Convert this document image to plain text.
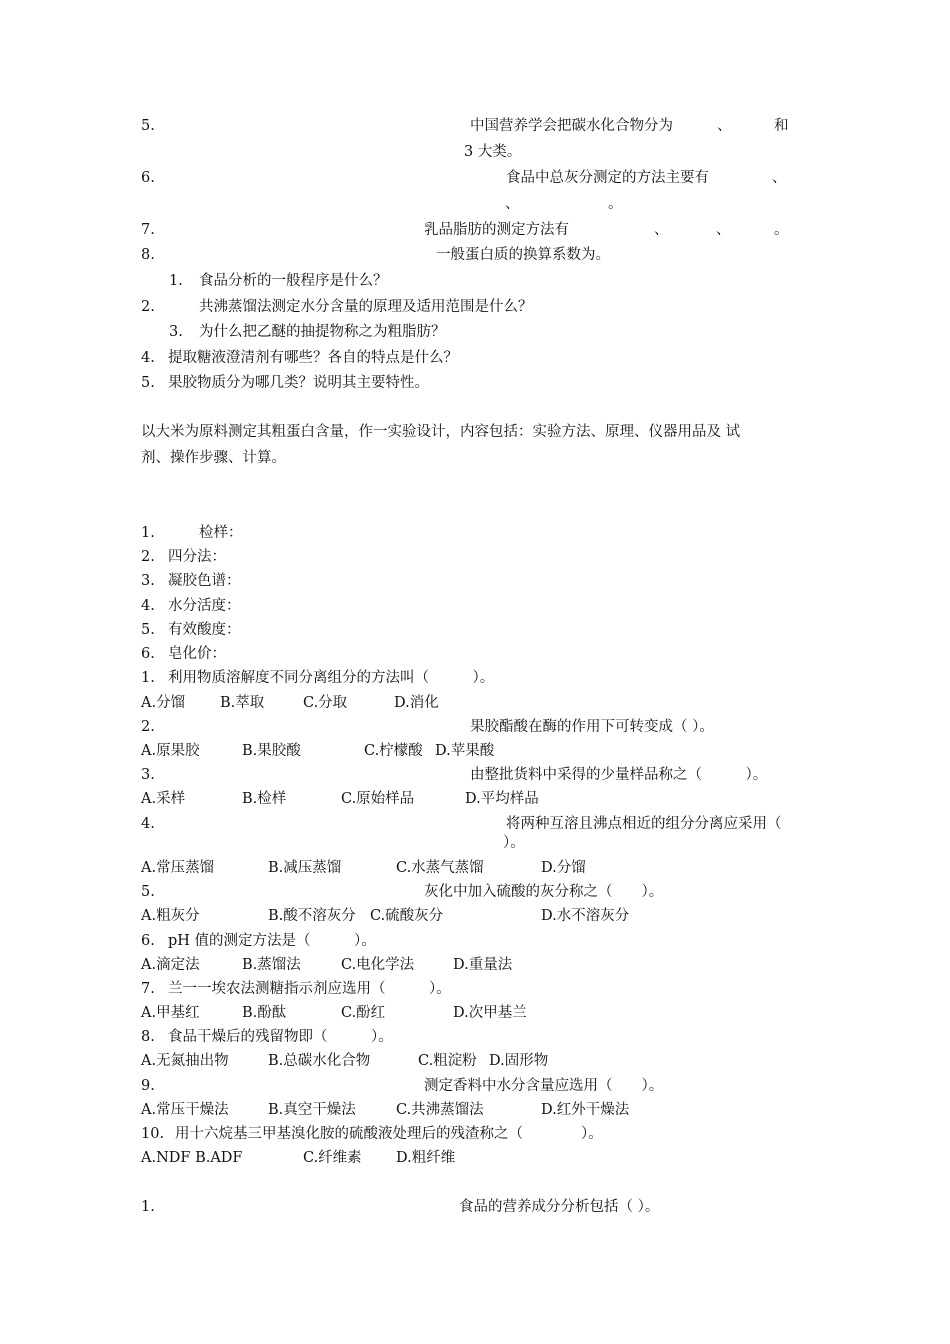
5.	中国营养学会把碳水化合物分为	、	和
3 大类。
6.	食品中总灰分测定的方法主要有	、
、	。
7.	乳品脂肪的测定方法有	、	、	。
8.	一般蛋白质的换算系数为。
1. 食品分析的一般程序是什么？
2.	共沸蒸馏法测定水分含量的原理及适用范围是什么？
3. 为什么把乙醚的抽提物称之为粗脂肪？
4. 提取糖液澄清剂有哪些？各自的特点是什么？
5. 果胶物质分为哪几类？说明其主要特性。
以大米为原料测定其粗蛋白含量，作一实验设计，内容包括：实验方法、原理、仪器用品及 试
剂、操作步骤、计算。
1.	检样：
2. 四分法：
3. 凝胶色谱：
4. 水分活度：
5. 有效酸度：
6. 皂化价：
1. 利用物质溶解度不同分离组分的方法叫（　　　）。
A.分馏 B.萃取	C.分取	D.消化
2.	果胶酯酸在酶的作用下可转变成（ ）。
A.原果胶	B.果胶酸	C.柠檬酸 D.苹果酸
3.	由整批货料中采得的少量样品称之（　　　）。
A.采样	B.检样	C.原始样品	D.平均样品
4.	将两种互溶且沸点相近的组分分离应采用（
）。
A.常压蒸馏	B.减压蒸馏	C.水蒸气蒸馏	D.分馏
5.	灰化中加入硫酸的灰分称之（　　）。
A.粗灰分	B.酸不溶灰分 C.硫酸灰分	D.水不溶灰分
6. pH 值的测定方法是（　　　）。
A.滴定法	B.蒸馏法	C.电化学法	D.重量法
7. 兰一一埃农法测糖指示剂应选用（　　　）。
A.甲基红	B.酚酞	C.酚红	D.次甲基兰
8. 食品干燥后的残留物即（　　　）。
A.无氮抽出物	B.总碳水化合物	C.粗淀粉 D.固形物
9.	测定香料中水分含量应选用（　　）。
A.常压干燥法	B.真空干燥法	C.共沸蒸馏法	D.红外干燥法
10. 用十六烷基三甲基溴化胺的硫酸液处理后的残渣称之（　　　　）。
A.NDF B.ADF	C.纤维素 D.粗纤维
1.	食品的营养成分分析包括（ ）。
